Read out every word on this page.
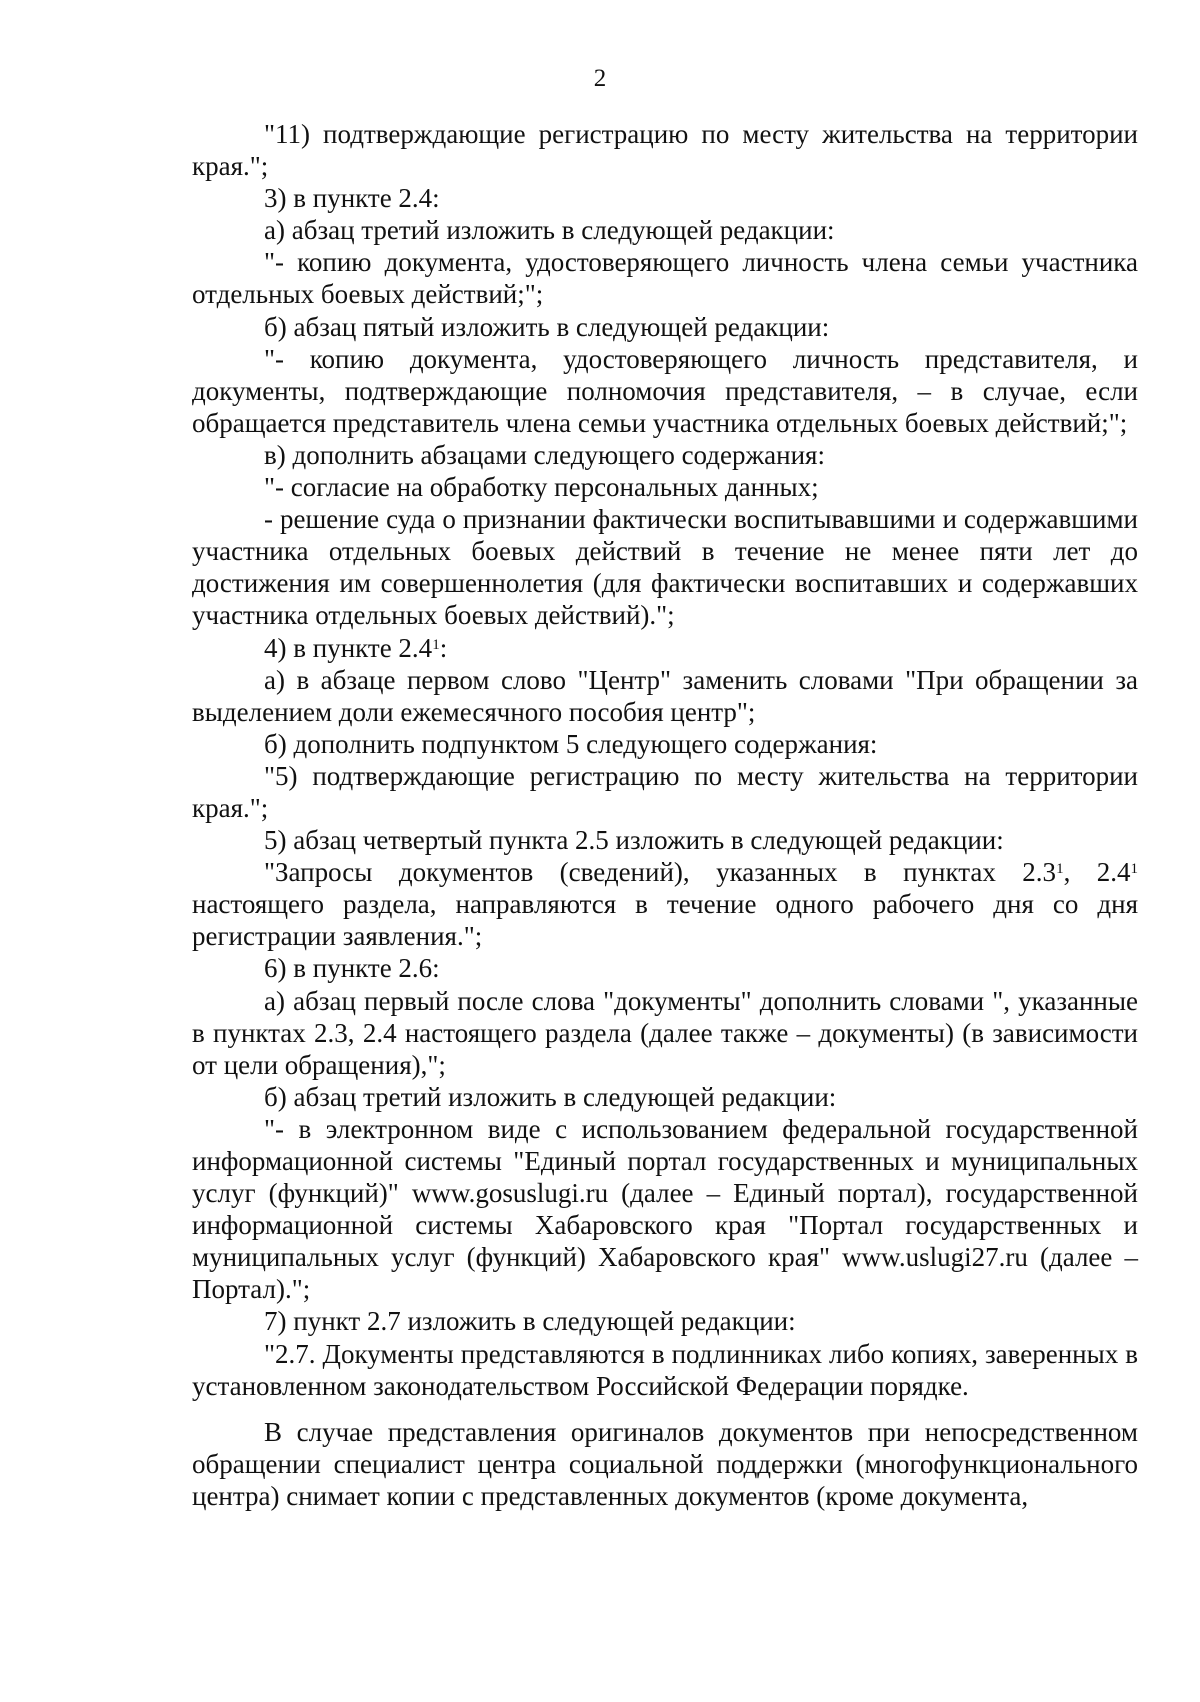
2

"11) подтверждающие регистрацию по месту жительства на территории края.";

3) в пункте 2.4:

а) абзац третий изложить в следующей редакции:

"- копию документа, удостоверяющего личность члена семьи участника отдельных боевых действий;";

б) абзац пятый изложить в следующей редакции:

"- копию документа, удостоверяющего личность представителя, и документы, подтверждающие полномочия представителя, – в случае, если обращается представитель члена семьи участника отдельных боевых действий;";

в) дополнить абзацами следующего содержания:

"- согласие на обработку персональных данных;

- решение суда о признании фактически воспитывавшими и содержавшими участника отдельных боевых действий в течение не менее пяти лет до достижения им совершеннолетия (для фактически воспитавших и содержавших участника отдельных боевых действий).";

4) в пункте $2.4^1$:

а) в абзаце первом слово "Центр" заменить словами "При обращении за выделением доли ежемесячного пособия центр";

б) дополнить подпунктом 5 следующего содержания:

"5) подтверждающие регистрацию по месту жительства на территории края.";

5) абзац четвертый пункта 2.5 изложить в следующей редакции:

"Запросы документов (сведений), указанных в пунктах $2.3^1$, $2.4^1$ настоящего раздела, направляются в течение одного рабочего дня со дня регистрации заявления.";

6) в пункте 2.6:

а) абзац первый после слова "документы" дополнить словами ", указанные в пунктах 2.3, 2.4 настоящего раздела (далее также – документы) (в зависимости от цели обращения),";

б) абзац третий изложить в следующей редакции:

"- в электронном виде с использованием федеральной государственной информационной системы "Единый портал государственных и муниципальных услуг (функций)" www.gosuslugi.ru (далее – Единый портал), государственной информационной системы Хабаровского края "Портал государственных и муниципальных услуг (функций) Хабаровского края" www.uslugi27.ru (далее – Портал).";

7) пункт 2.7 изложить в следующей редакции:

"2.7. Документы представляются в подлинниках либо копиях, заверенных в установленном законодательством Российской Федерации порядке.

В случае представления оригиналов документов при непосредственном обращении специалист центра социальной поддержки (многофункционального центра) снимает копии с представленных документов (кроме документа,
